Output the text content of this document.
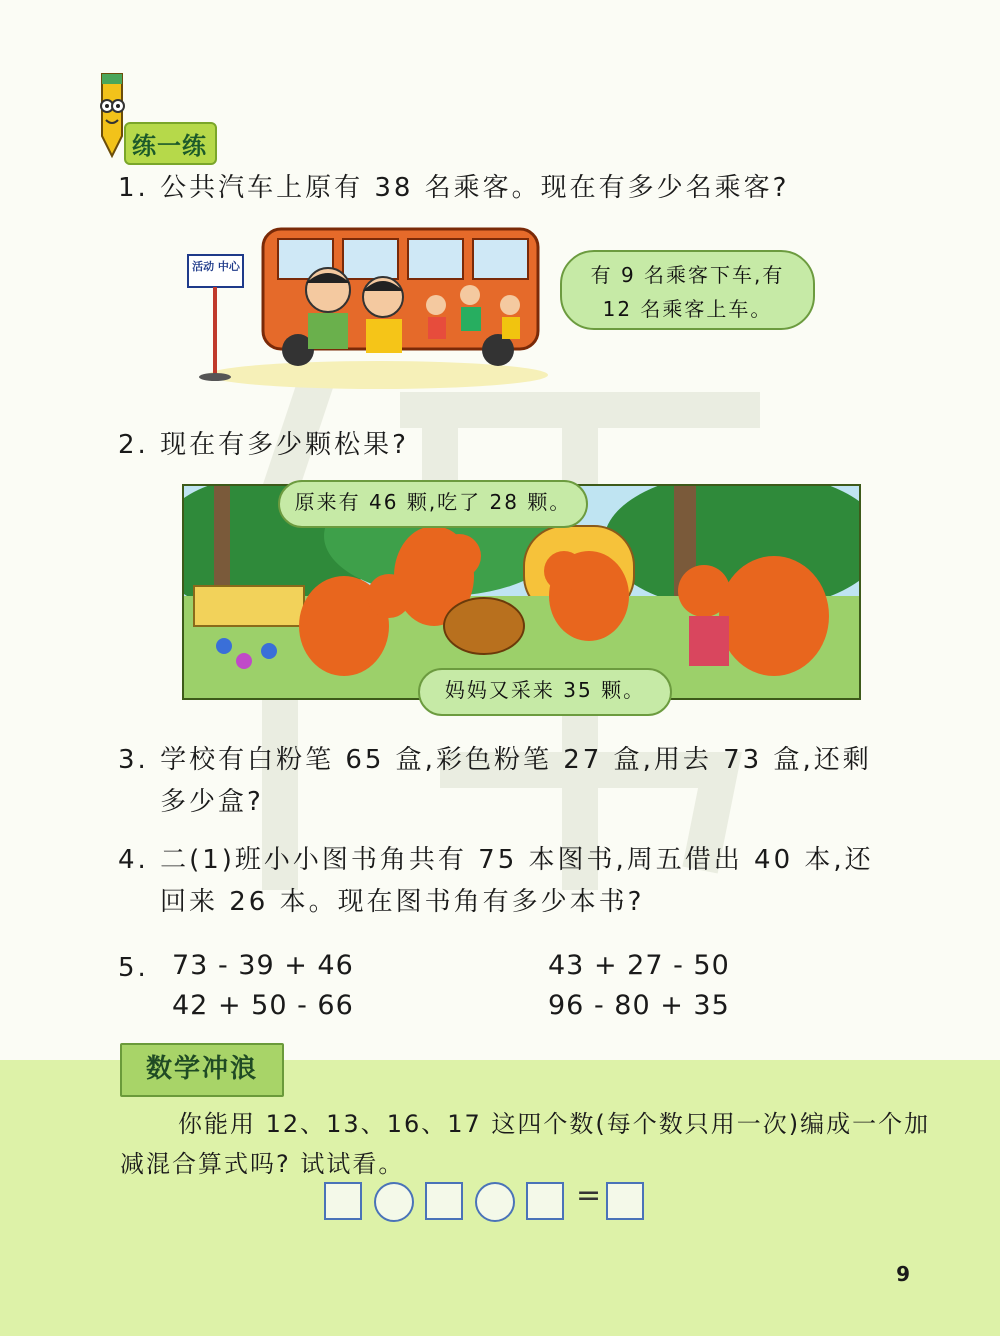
练一练
1. 公共汽车上原有 38 名乘客。现在有多少名乘客?
活动 中心	有 9 名乘客下车,有 12 名乘客上车。
2. 现在有多少颗松果?
原来有 46 颗,吃了 28 颗。
妈妈又采来 35 颗。
3. 学校有白粉笔 65 盒,彩色粉笔 27 盒,用去 73 盒,还剩
多少盒?
4. 二(1)班小小图书角共有 75 本图书,周五借出 40 本,还
回来 26 本。现在图书角有多少本书?
5. 73 - 39 + 46	43 + 27 - 50
42 + 50 - 66	96 - 80 + 35
数学冲浪
你能用 12、13、16、17 这四个数(每个数只用一次)编成一个加
减混合算式吗? 试试看。
=
9
